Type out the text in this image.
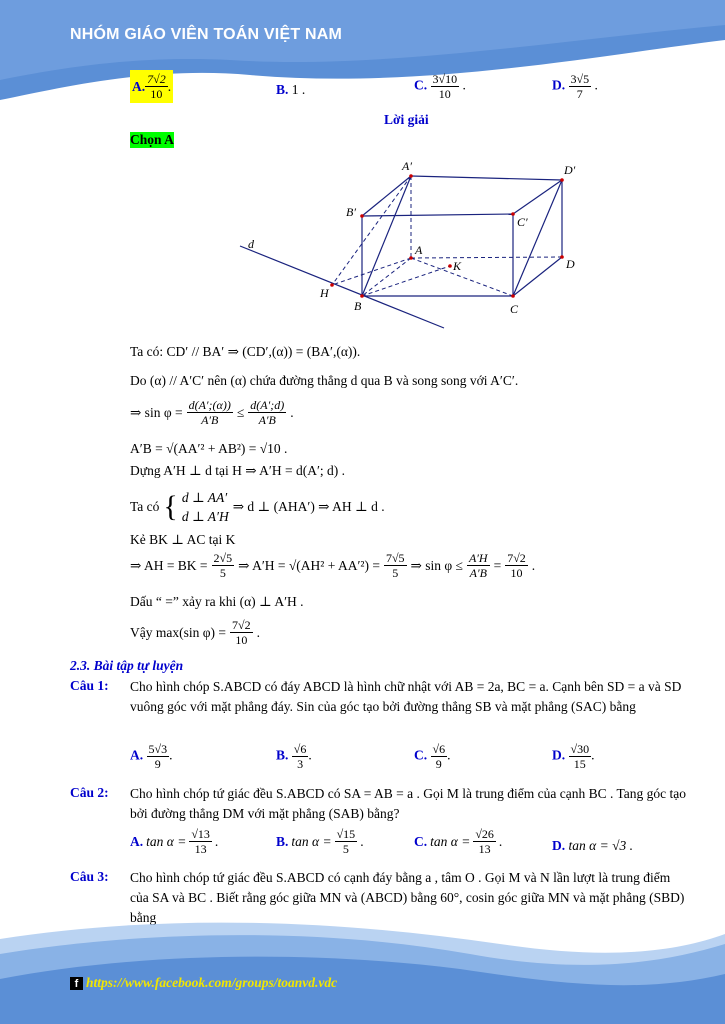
NHÓM GIÁO VIÊN TOÁN VIỆT NAM
A. $\frac{7√2}{10}$ .	B. 1 .	C. $\frac{3√10}{10}$ .	D. $\frac{3√5}{7}$ .
Lời giải
Chọn A
A′	D′
B′
C′
A
K	D
d
H
B	C
Ta có: CD′ // BA′ ⇒ (CD′,(α)) = (BA′,(α)).
Do (α) // A′C′ nên (α) chứa đường thẳng d qua B và song song với A′C′.
⇒ $\sin \varphi = \frac{d(A';(\alpha))}{A'B} \le \frac{d(A';d)}{A'B}$ .
A′B = √(AA′² + AB²) = √10 .
Dựng A′H ⊥ d tại H ⇒ A′H = d(A′; d) .
Ta có { d ⊥ AA′
d ⊥ A′H
⇒ d ⊥ (AHA′) ⇒ AH ⊥ d .
Kẻ BK ⊥ AC tại K
⇒ AH = BK = $\frac{2√5}{5}$ ⇒ $A'H = √(AH^2 + AA'^2) = \frac{7√5}{5}$ ⇒ $\sin \varphi \le \frac{A'H}{A'B} = \frac{7√2}{10}$ .
Dấu “ =” xảy ra khi (α) ⊥ A′H .
Vậy max(sin $\varphi) = \frac{7√2}{10}$ .
2.3. Bài tập tự luyện
Câu 1: Cho hình chóp S.ABCD có đáy ABCD là hình chữ nhật với AB = 2a, BC = a. Cạnh bên SD = a và SD vuông góc với mặt phẳng đáy. Sin của góc tạo bởi đường thẳng SB và mặt phẳng (SAC) bằng
A. $\frac{5√3}{9}$ .	B. $\frac{√6}{3}$ .	C. $\frac{√6}{9}$ .	D. $\frac{√30}{15}$ .
Câu 2: Cho hình chóp tứ giác đều S.ABCD có SA = AB = a . Gọi M là trung điểm của cạnh BC . Tang góc tạo bởi đường thẳng DM với mặt phẳng (SAB) bằng?
A. $\tan \alpha = \frac{√13}{13}$ .	B. $\tan \alpha = \frac{√15}{5}$ .	C. $\tan \alpha = \frac{√26}{13}$ .	D. tan α = √3 .
Câu 3: Cho hình chóp tứ giác đều S.ABCD có cạnh đáy bằng a , tâm O . Gọi M và N lần lượt là trung điểm của SA và BC . Biết rằng góc giữa MN và (ABCD) bằng 60°, cosin góc giữa MN và mặt phẳng (SBD) bằng
f https://www.facebook.com/groups/toanvd.vdc
